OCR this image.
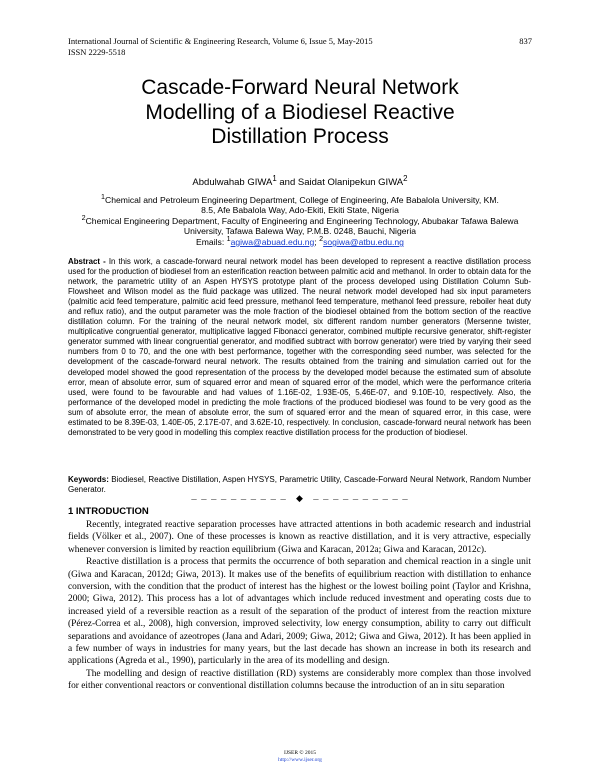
International Journal of Scientific & Engineering Research, Volume 6, Issue 5, May-2015
ISSN 2229-5518
837
Cascade-Forward Neural Network
Modelling of a Biodiesel Reactive
Distillation Process
Abdulwahab GIWA$^1$ and Saidat Olanipekun GIWA$^2$
$^1$Chemical and Petroleum Engineering Department, College of Engineering, Afe Babalola University, KM. 8.5, Afe Babalola Way, Ado-Ekiti, Ekiti State, Nigeria
$^2$Chemical Engineering Department, Faculty of Engineering and Engineering Technology, Abubakar Tafawa Balewa University, Tafawa Balewa Way, P.M.B. 0248, Bauchi, Nigeria
Emails: $^1$agiwa@abuad.edu.ng; $^2$sogiwa@atbu.edu.ng
Abstract - In this work, a cascade-forward neural network model has been developed to represent a reactive distillation process used for the production of biodiesel from an esterification reaction between palmitic acid and methanol. In order to obtain data for the network, the parametric utility of an Aspen HYSYS prototype plant of the process developed using Distillation Column Sub-Flowsheet and Wilson model as the fluid package was utilized. The neural network model developed had six input parameters (palmitic acid feed temperature, palmitic acid feed pressure, methanol feed temperature, methanol feed pressure, reboiler heat duty and reflux ratio), and the output parameter was the mole fraction of the biodiesel obtained from the bottom section of the reactive distillation column. For the training of the neural network model, six different random number generators (Mersenne twister, multiplicative congruential generator, multiplicative lagged Fibonacci generator, combined multiple recursive generator, shift-register generator summed with linear congruential generator, and modified subtract with borrow generator) were tried by varying their seed numbers from 0 to 70, and the one with best performance, together with the corresponding seed number, was selected for the development of the cascade-forward neural network. The results obtained from the training and simulation carried out for the developed model showed the good representation of the process by the developed model because the estimated sum of absolute error, mean of absolute error, sum of squared error and mean of squared error of the model, which were the performance criteria used, were found to be favourable and had values of 1.16E-02, 1.93E-05, 5.46E-07, and 9.10E-10, respectively. Also, the performance of the developed model in predicting the mole fractions of the produced biodiesel was found to be very good as the sum of absolute error, the mean of absolute error, the sum of squared error and the mean of squared error, in this case, were estimated to be 8.39E-03, 1.40E-05, 2.17E-07, and 3.62E-10, respectively. In conclusion, cascade-forward neural network has been demonstrated to be very good in modelling this complex reactive distillation process for the production of biodiesel.
Keywords: Biodiesel, Reactive Distillation, Aspen HYSYS, Parametric Utility, Cascade-Forward Neural Network, Random Number Generator.
— — — — — — — — — — ◆ — — — — — — — — — —
1 INTRODUCTION

Recently, integrated reactive separation processes have attracted attentions in both academic research and industrial fields (Völker et al., 2007). One of these processes is known as reactive distillation, and it is very attractive, especially whenever conversion is limited by reaction equilibrium (Giwa and Karacan, 2012a; Giwa and Karacan, 2012c).

Reactive distillation is a process that permits the occurrence of both separation and chemical reaction in a single unit (Giwa and Karacan, 2012d; Giwa, 2013). It makes use of the benefits of equilibrium reaction with distillation to enhance conversion, with the condition that the product of interest has the highest or the lowest boiling point (Taylor and Krishna, 2000; Giwa, 2012). This process has a lot of advantages which include reduced investment and operating costs due to increased yield of a reversible reaction as a result of the separation of the product of interest from the reaction mixture (Pérez-Correa et al., 2008), high conversion, improved selectivity, low energy consumption, ability to carry out difficult separations and avoidance of azeotropes (Jana and Adari, 2009; Giwa, 2012; Giwa and Giwa, 2012). It has been applied in a few number of ways in industries for many years, but the last decade has shown an increase in both its research and applications (Agreda et al., 1990), particularly in the area of its modelling and design.

The modelling and design of reactive distillation (RD) systems are considerably more complex than those involved for either conventional reactors or conventional distillation columns because the introduction of an in situ separation

IJSER © 2015
http://www.ijser.org
